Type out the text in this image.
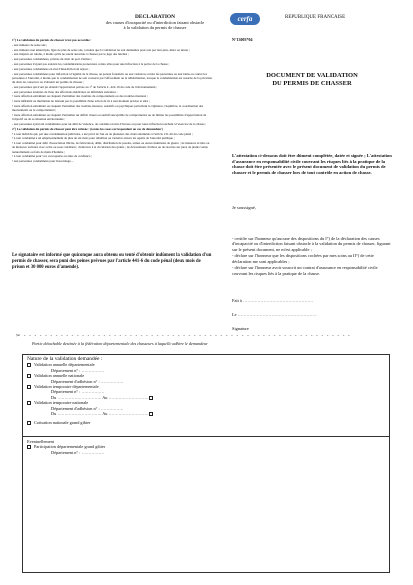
DECLARATION
des causes d'incapacité ou d'interdiction faisant obstacle
à la validation du permis de chasser
cerfa	REPUBLIQUE FRANCAISE
N°13003*04
DOCUMENT DE VALIDATION
DU PERMIS DE CHASSER

1°) La validation du permis de chasser n'est pas accordée :

- aux mineurs de seize ans ;

- aux mineurs non émancipés, âgés de plus de seize ans, à moins que la validation ne soit demandée pour eux par leur père, mère ou tuteur ;

- aux majeurs en tutelle, à moins qu'ils ne soient autorisés à chasser par le juge des tutelles ;

- aux personnes condamnées, privées du droit de port d'armes ;

- aux personnes n'ayant pas exécuté les condamnations prononcées contre elles pour une infraction à la police de la chasse ;

- aux personnes condamnées en état d'interdiction de séjour ;

- aux personnes condamnées pour infraction à l'égalité de la chasse, au poison forestière ou aux violences contre les personnes ou aux biens ou contre les personnes à l'autorité, à moins que la condamnation ne soit couverte par l'effacement ou la réhabilitation, lorsque la condamnation est assortie de la privation du droit de conserver ou d'obtenir un permis de chasser ;

- aux personnes qui n'ont pu obtenir l'approbation prévue au 1° de l'article L. 422-19 du code de l'environnement ;

- aux personnes atteintes de l'une des affections médicales ou infirmités suivantes :

• toute affection entraînant ou risquant d'entraîner des troubles du comportement ou des troubles mentaux ;

• toute infirmité ou mutilation ne laissant pas la possibilité d'une action de tir à tout moment précise et sûre ;

• toute affection entraînant ou risquant d'entraîner des troubles moteurs, sensitifs ou psychiques perturbant la vigilance, l'équilibre, la coordination des mouvements ou le comportement ;

• toute affection entraînant ou risquant d'entraîner un déficit visuel ou auditif susceptible de compromettre ou de limiter les possibilités d'appréciation de l'objectif ou de sa situation environnante ;

- aux personnes ayant été condamnées pour un délit de violence, de conduite en état d'ivresse ou pour toute infraction touchant à l'exercice de la chasse ;

2°) La validation du permis de chasser peut être refusée : (toutes les cases correspondant au cas de demandeur)

• à tout individu qui, par une condamnation judiciaire, a été privé de l'un ou de plusieurs des droits énumérés à l'article 131-26 du code pénal ;

• à tout condamné à un emprisonnement de plus de six mois pour rébellion ou violence envers les agents de l'autorité publique ;

• à tout condamné pour délit d'association illicite, de fabrication, débit, distribution de poudre, armes ou autres munitions de guerre ; de menaces écrites ou de menaces verbales avec ordre ou sous condition ; d'entraves à la circulation des grains ; de dévastations d'arbres ou de récoltes sur pied, de plants venus naturellement ou faits de main d'homme ;

• à tout condamné pour vol, escroquerie ou abus de confiance ;

• aux personnes condamnées pour braconnage ...

Le signataire est informé que quiconque aura obtenu ou tenté d'obtenir indûment la validation d'un permis de chasser, sera puni des peines prévues par l'article 441-6 du code pénal (deux mois de prison et 30 000 euros d'amende).
L'attestation ci-dessous doit être dûment complétée, datée et signée ; L'attestation d'assurance en responsabilité civile couvrant les risques liés à la pratique de la chasse doit être présentée avec le présent document de validation du permis de chasser et le permis de chasser lors de tout contrôle en action de chasse.
Je soussigné,

- certifie sur l'honneur qu'aucune des dispositions du I°) de la déclaration des causes d'incapacité ou d'interdiction faisant obstacle à la validation du permis de chasser, figurant sur le présent document, ne m'est applicable ;

- déclare sur l'honneur que les dispositions cochées par mes soins au II°) de cette déclaration me sont applicables ;

- déclare sur l'honneur avoir souscrit un contrat d'assurance en responsabilité civile couvrant les risques liés à la pratique de la chasse.

Fait à …………………………………………
Le ………………………………………………
Signature
✂ - - - - - - - - - - - - - - - - - - - - - - - - - - - - - - - - - - - - - - - - - - - - - - - - - - - - - - - - - - - - - -
Partie détachable destinée à la fédération départementale des chasseurs à laquelle adhère le demandeur
Nature de la validation demandée :
Validation annuelle départementale
Département n° : …………….
Validation annuelle nationale
Département d'adhésion n° : …………….
Validation temporaire départementale
Département n° : …………….
Du …………………………. Au ……………………….
Validation temporaire nationale
Département d'adhésion n° : …………….
Du …………………………. Au ……………………….
Cotisation nationale grand gibier
Eventuellement
Participation départementale grand gibier
Département n° : …………….
